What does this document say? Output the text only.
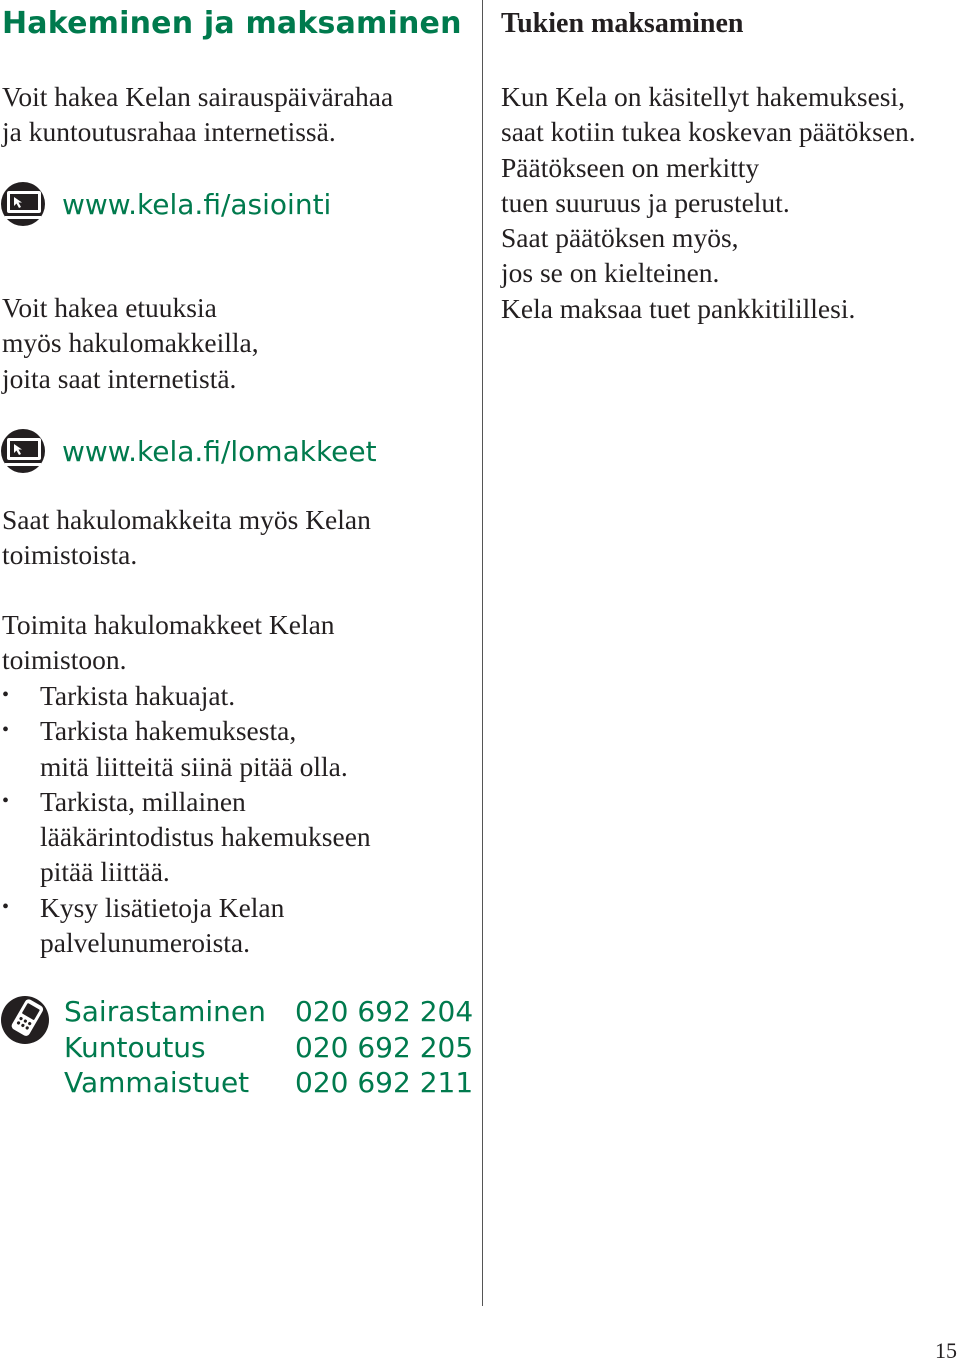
Hakeminen ja maksaminen

Voit hakea Kelan sairauspäivärahaa
ja kuntoutusrahaa internetissä.

www.kela.fi/asiointi

Voit hakea etuuksia
myös hakulomakkeilla,
joita saat internetistä.

www.kela.fi/lomakkeet

Saat hakulomakkeita myös Kelan
toimistoista.

Toimita hakulomakkeet Kelan
toimistoon.

• Tarkista hakuajat.
• Tarkista hakemuksesta,
mitä liitteitä siinä pitää olla.
• Tarkista, millainen
lääkärintodistus hakemukseen
pitää liittää.
• Kysy lisätietoja Kelan
palvelunumeroista.
Sairastaminen	020 692 204
Kuntoutus	020 692 205
Vammaistuet	020 692 211
Tukien maksaminen

Kun Kela on käsitellyt hakemuksesi,
saat kotiin tukea koskevan päätöksen.
Päätökseen on merkitty
tuen suuruus ja perustelut.
Saat päätöksen myös,
jos se on kielteinen.
Kela maksaa tuet pankkitilillesi.

15
